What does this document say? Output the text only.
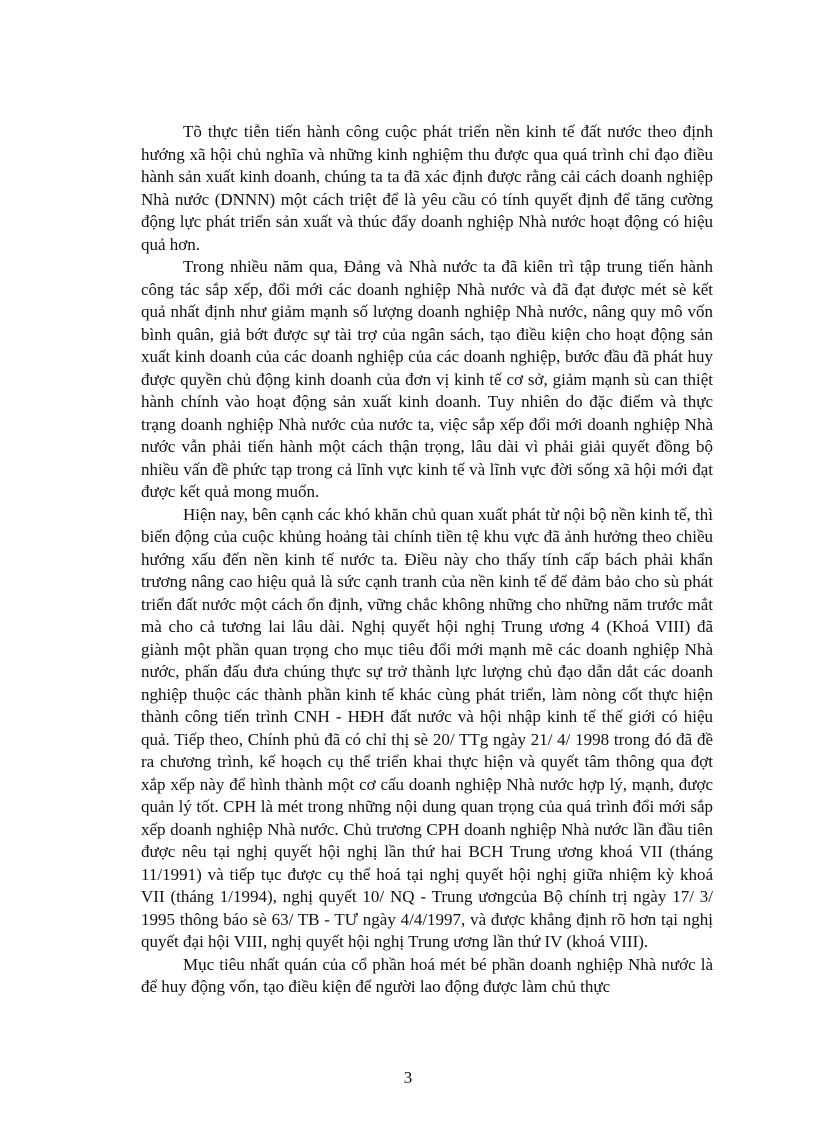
Tõ thực tiễn tiến hành công cuộc phát triển nền kinh tế đất nước theo định hướng xã hội chủ nghĩa và những kinh nghiệm thu được qua quá trình chỉ đạo điều hành sản xuất kinh doanh, chúng ta ta đã xác định được rằng cải cách doanh nghiệp Nhà nước (DNNN) một cách triệt để là yêu cầu có tính quyết định để tăng cường động lực phát triển sản xuất và thúc đẩy doanh nghiệp Nhà nước hoạt động có hiệu quả hơn.

Trong nhiều năm qua, Đảng và Nhà nước ta đã kiên trì tập trung tiến hành công tác sắp xếp, đổi mới các doanh nghiệp Nhà nước và đã đạt được mét sè kết quả nhất định như giảm mạnh số lượng doanh nghiệp Nhà nước, nâng quy mô vốn bình quân, giả bớt được sự tài trợ của ngân sách, tạo điều kiện cho hoạt động sản xuất kinh doanh của các doanh nghiệp của các doanh nghiệp, bước đầu đã phát huy được quyền chủ động kinh doanh của đơn vị kinh tế cơ sở, giảm mạnh sù can thiệt hành chính vào hoạt động sản xuất kinh doanh. Tuy nhiên do đặc điểm và thực trạng doanh nghiệp Nhà nước của nước ta, việc sắp xếp đổi mới doanh nghiệp Nhà nước vẫn phải tiến hành một cách thận trọng, lâu dài vì phải giải quyết đồng bộ nhiều vấn đề phức tạp trong cả lĩnh vực kinh tế và lĩnh vực đời sống xã hội mới đạt được kết quả mong muốn.

Hiện nay, bên cạnh các khó khăn chủ quan xuất phát từ nội bộ nền kinh tế, thì biến động của cuộc khủng hoảng tài chính tiền tệ khu vực đã ảnh hưởng theo chiều hướng xấu đến nền kinh tế nước ta. Điều này cho thấy tính cấp bách phải khẩn trương nâng cao hiệu quả là sức cạnh tranh của nền kinh tế để đảm bảo cho sù phát triển đất nước một cách ổn định, vững chắc không những cho những năm trước mắt mà cho cả tương lai lâu dài. Nghị quyết hội nghị Trung ương 4 (Khoá VIII) đã giành một phần quan trọng cho mục tiêu đổi mới mạnh mẽ các doanh nghiệp Nhà nước, phấn đấu đưa chúng thực sự trở thành lực lượng chủ đạo dẫn dắt các doanh nghiệp thuộc các thành phần kinh tế khác cùng phát triển, làm nòng cốt thực hiện thành công tiến trình CNH - HĐH đất nước và hội nhập kinh tế thế giới có hiệu quả. Tiếp theo, Chính phủ đã có chỉ thị sè 20/ TTg ngày 21/ 4/ 1998 trong đó đã đề ra chương trình, kế hoạch cụ thể triển khai thực hiện và quyết tâm thông qua đợt xắp xếp này để hình thành một cơ cấu doanh nghiệp Nhà nước hợp lý, mạnh, được quản lý tốt. CPH là mét trong những nội dung quan trọng của quá trình đổi mới sắp xếp doanh nghiệp Nhà nước. Chủ trương CPH doanh nghiệp Nhà nước lần đầu tiên được nêu tại nghị quyết hội nghị lần thứ hai BCH Trung ương khoá VII (tháng 11/1991) và tiếp tục được cụ thể hoá tại nghị quyết hội nghị giữa nhiệm kỳ khoá VII (tháng 1/1994), nghị quyết 10/ NQ - Trung ươngcủa Bộ chính trị ngày 17/ 3/ 1995 thông báo sè 63/ TB - TƯ ngày 4/4/1997, và được khẳng định rõ hơn tại nghị quyết đại hội VIII, nghị quyết hội nghị Trung ương lần thứ IV (khoá VIII).

Mục tiêu nhất quán của cổ phần hoá mét bé phần doanh nghiệp Nhà nước là để huy động vốn, tạo điều kiện để người lao động được làm chủ thực

3
